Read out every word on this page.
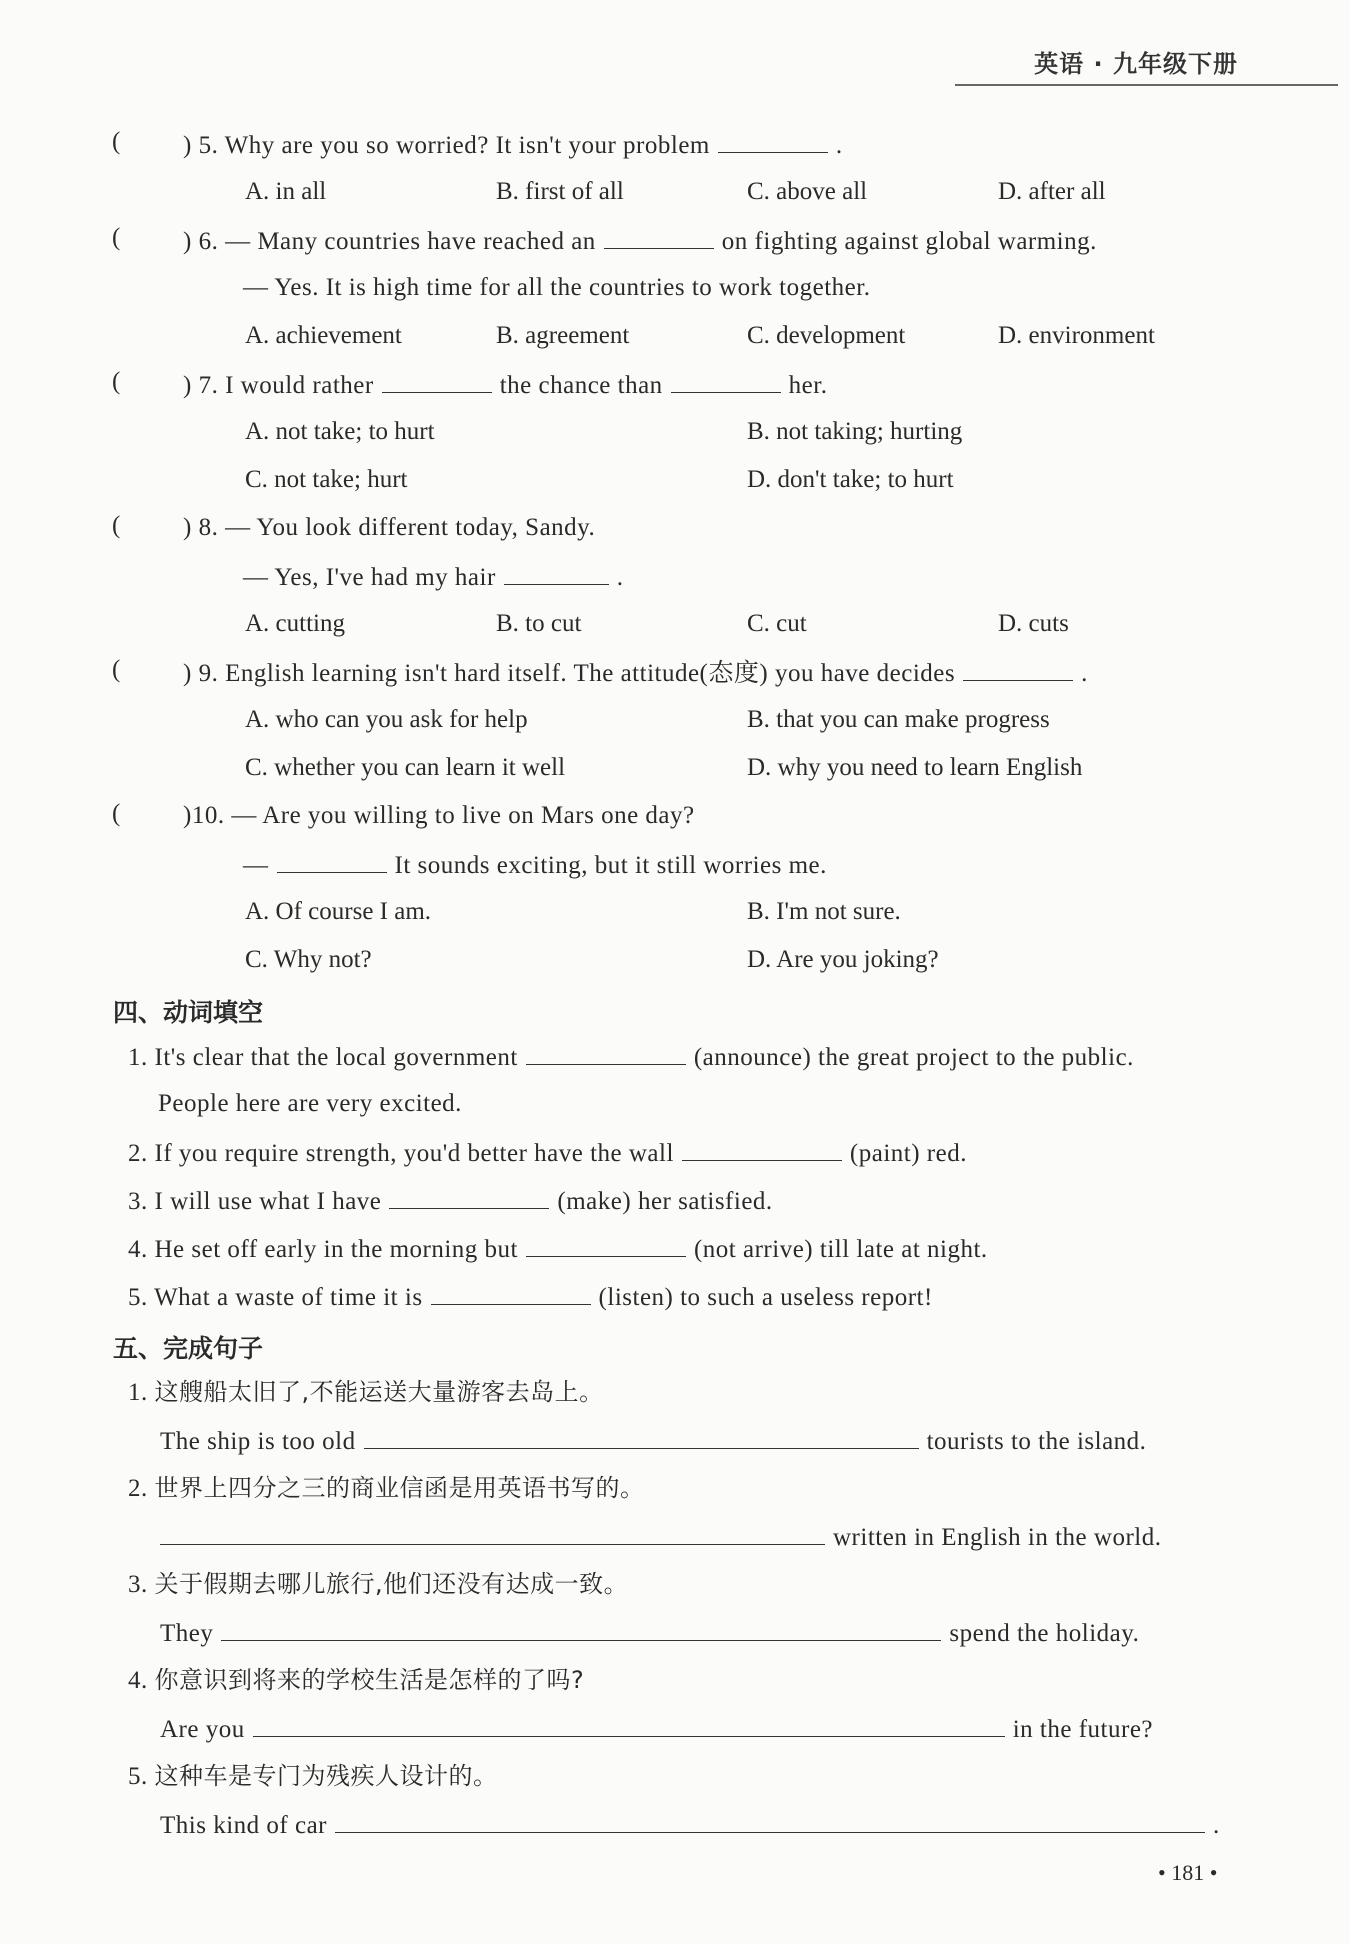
英语 · 九年级下册
(	) 5. Why are you so worried? It isn't your problem	.
A. in all	B. first of all	C. above all	D. after all
(	) 6. — Many countries have reached an	on fighting against global warming.
— Yes. It is high time for all the countries to work together.
A. achievement	B. agreement	C. development	D. environment
(	) 7. I would rather	the chance than	her.
A. not take; to hurt	B. not taking; hurting
C. not take; hurt	D. don't take; to hurt
(	) 8. — You look different today, Sandy.
— Yes, I've had my hair	.
A. cutting	B. to cut	C. cut	D. cuts
(	) 9. English learning isn't hard itself. The attitude(态度) you have decides	.
A. who can you ask for help	B. that you can make progress
C. whether you can learn it well	D. why you need to learn English
(	)10. — Are you willing to live on Mars one day?
—	It sounds exciting, but it still worries me.
A. Of course I am.	B. I'm not sure.
C. Why not?	D. Are you joking?
四、动词填空
1. It's clear that the local government	(announce) the great project to the public.
People here are very excited.
2. If you require strength, you'd better have the wall	(paint) red.
3. I will use what I have	(make) her satisfied.
4. He set off early in the morning but	(not arrive) till late at night.
5. What a waste of time it is	(listen) to such a useless report!
五、完成句子
1. 这艘船太旧了,不能运送大量游客去岛上。
The ship is too old	tourists to the island.
2. 世界上四分之三的商业信函是用英语书写的。
written in English in the world.
3. 关于假期去哪儿旅行,他们还没有达成一致。
They	spend the holiday.
4. 你意识到将来的学校生活是怎样的了吗?
Are you	in the future?
5. 这种车是专门为残疾人设计的。
This kind of car	.
• 181 •
